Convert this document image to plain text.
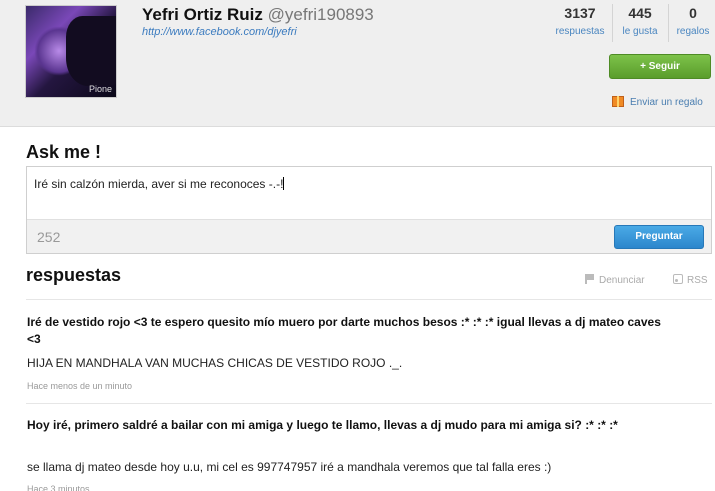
Pione
Yefri Ortiz Ruiz @yefri190893
http://www.facebook.com/djyefri
3137
respuestas
445
le gusta
0
regalos
+ Seguir
Enviar un regalo
Ask me !
Iré sin calzón mierda, aver si me reconoces -.-!
252	Preguntar
respuestas	Denunciar	RSS
Iré de vestido rojo <3 te espero quesito mío muero por darte muchos besos :* :* :* igual llevas a dj mateo caves <3
HIJA EN MANDHALA VAN MUCHAS CHICAS DE VESTIDO ROJO ._.
Hace menos de un minuto
Hoy iré, primero saldré a bailar con mi amiga y luego te llamo, llevas a dj mudo para mi amiga si? :* :* :*
se llama dj mateo desde hoy u.u, mi cel es 997747957 iré a mandhala veremos que tal falla eres :)
Hace 3 minutos
